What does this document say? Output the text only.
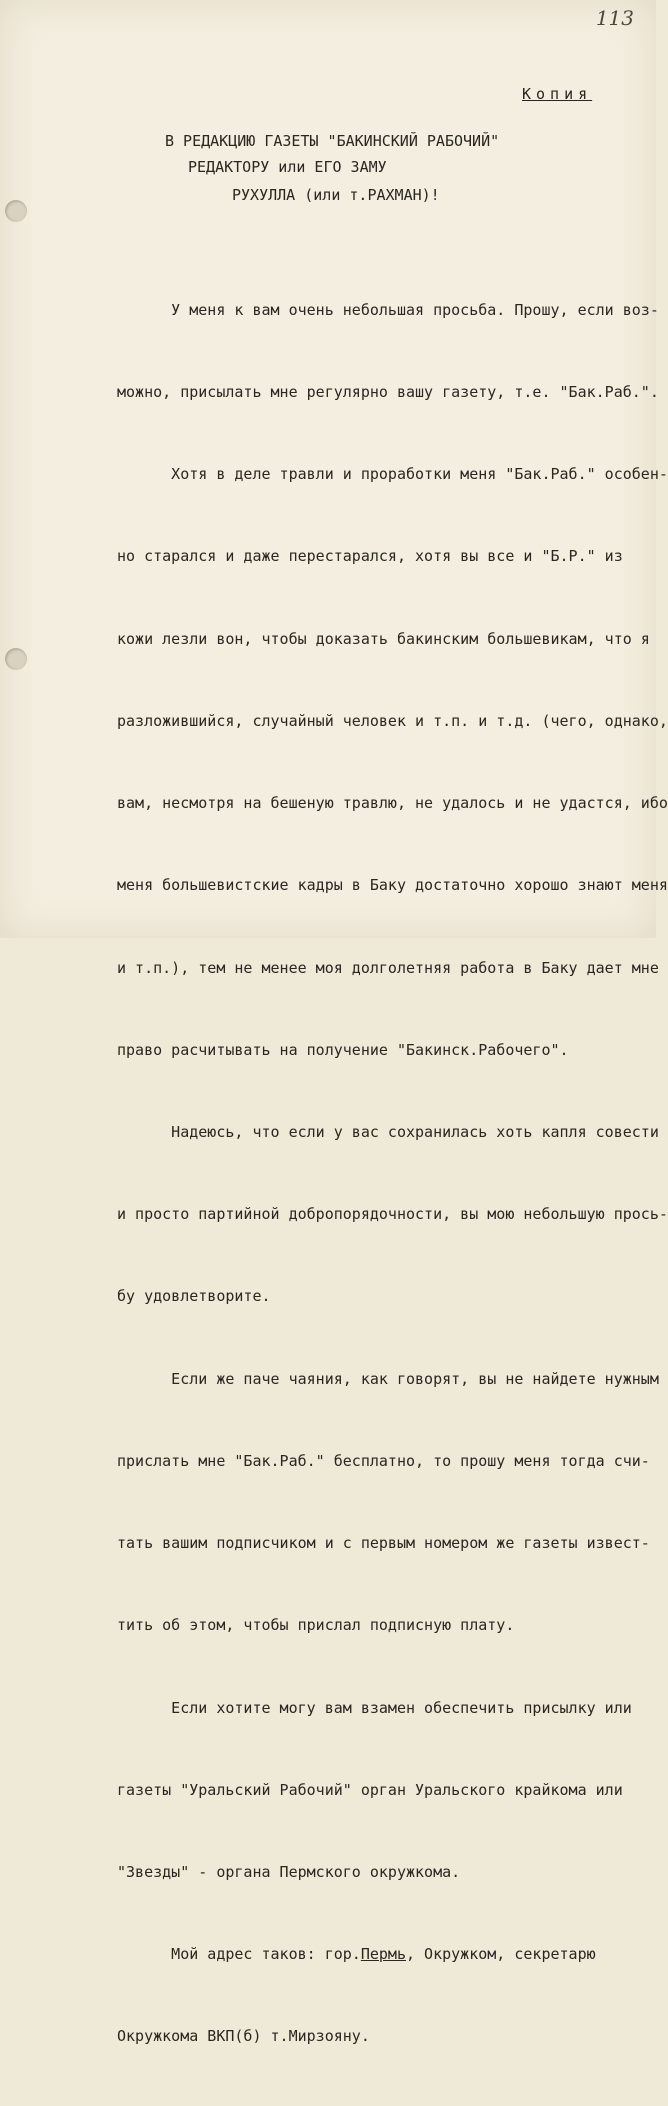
113
Копия
В РЕДАКЦИЮ ГАЗЕТЫ "БАКИНСКИЙ РАБОЧИЙ"
РЕДАКТОРУ или ЕГО ЗАМУ
РУХУЛЛА (или т.РАХМАН)!

У меня к вам очень небольшая просьба. Прошу, если воз-

можно, присылать мне регулярно вашу газету, т.е. "Бак.Раб.".

Хотя в деле травли и проработки меня "Бак.Раб." особен-

но старался и даже перестарался, хотя вы все и "Б.Р." из

кожи лезли вон, чтобы доказать бакинским большевикам, что я

разложившийся, случайный человек и т.п. и т.д. (чего, однако,

вам, несмотря на бешеную травлю, не удалось и не удастся, ибо

меня большевистские кадры в Баку достаточно хорошо знают меня

и т.п.), тем не менее моя долголетняя работа в Баку дает мне

право расчитывать на получение "Бакинск.Рабочего".

Надеюсь, что если у вас сохранилась хоть капля совести

и просто партийной добропорядочности, вы мою небольшую прось-

бу удовлетворите.

Если же паче чаяния, как говорят, вы не найдете нужным

прислать мне "Бак.Раб." бесплатно, то прошу меня тогда счи-

тать вашим подписчиком и с первым номером же газеты извест-

тить об этом, чтобы прислал подписную плату.

Если хотите могу вам взамен обеспечить присылку или

газеты "Уральский Рабочий" орган Уральского крайкома или

"Звезды" - органа Пермского окружкома.

Мой адрес таков: гор.Пермь, Окружком, секретарю

Окружкома ВКП(б) т.Мирзояну.
